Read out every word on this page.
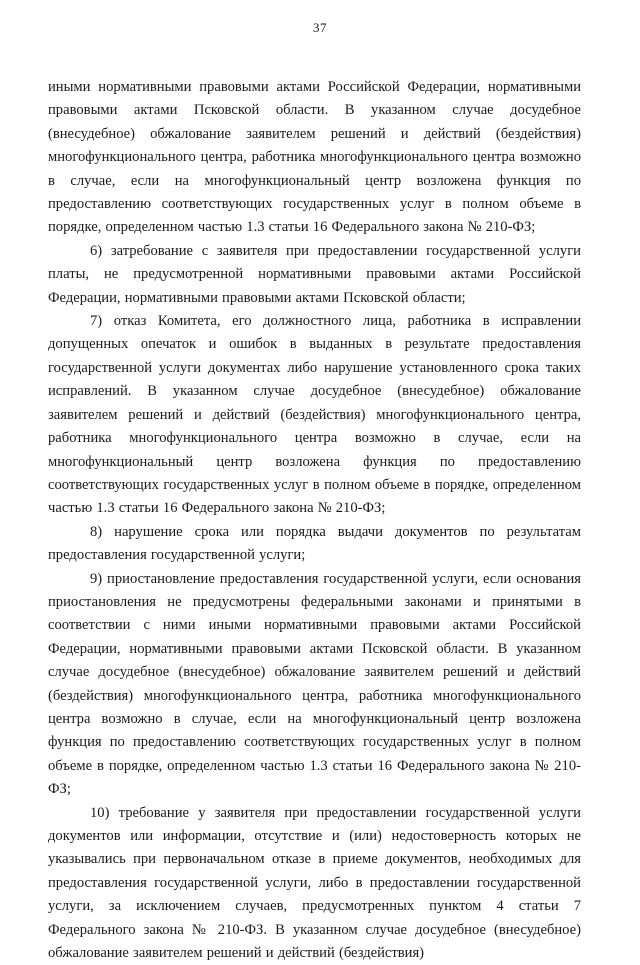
37

иными нормативными правовыми актами Российской Федерации, нормативными правовыми актами Псковской области. В указанном случае досудебное (внесудебное) обжалование заявителем решений и действий (бездействия) многофункционального центра, работника многофункционального центра возможно в случае, если на многофункциональный центр возложена функция по предоставлению соответствующих государственных услуг в полном объеме в порядке, определенном частью 1.3 статьи 16 Федерального закона № 210-ФЗ;

6) затребование с заявителя при предоставлении государственной услуги платы, не предусмотренной нормативными правовыми актами Российской Федерации, нормативными правовыми актами Псковской области;

7) отказ Комитета, его должностного лица, работника в исправлении допущенных опечаток и ошибок в выданных в результате предоставления государственной услуги документах либо нарушение установленного срока таких исправлений. В указанном случае досудебное (внесудебное) обжалование заявителем решений и действий (бездействия) многофункционального центра, работника многофункционального центра возможно в случае, если на многофункциональный центр возложена функция по предоставлению соответствующих государственных услуг в полном объеме в порядке, определенном частью 1.3 статьи 16 Федерального закона № 210-ФЗ;

8) нарушение срока или порядка выдачи документов по результатам предоставления государственной услуги;

9) приостановление предоставления государственной услуги, если основания приостановления не предусмотрены федеральными законами и принятыми в соответствии с ними иными нормативными правовыми актами Российской Федерации, нормативными правовыми актами Псковской области. В указанном случае досудебное (внесудебное) обжалование заявителем решений и действий (бездействия) многофункционального центра, работника многофункционального центра возможно в случае, если на многофункциональный центр возложена функция по предоставлению соответствующих государственных услуг в полном объеме в порядке, определенном частью 1.3 статьи 16 Федерального закона № 210-ФЗ;

10) требование у заявителя при предоставлении государственной услуги документов или информации, отсутствие и (или) недостоверность которых не указывались при первоначальном отказе в приеме документов, необходимых для предоставления государственной услуги, либо в предоставлении государственной услуги, за исключением случаев, предусмотренных пунктом 4 статьи 7 Федерального закона № 210-ФЗ. В указанном случае досудебное (внесудебное) обжалование заявителем решений и действий (бездействия)
